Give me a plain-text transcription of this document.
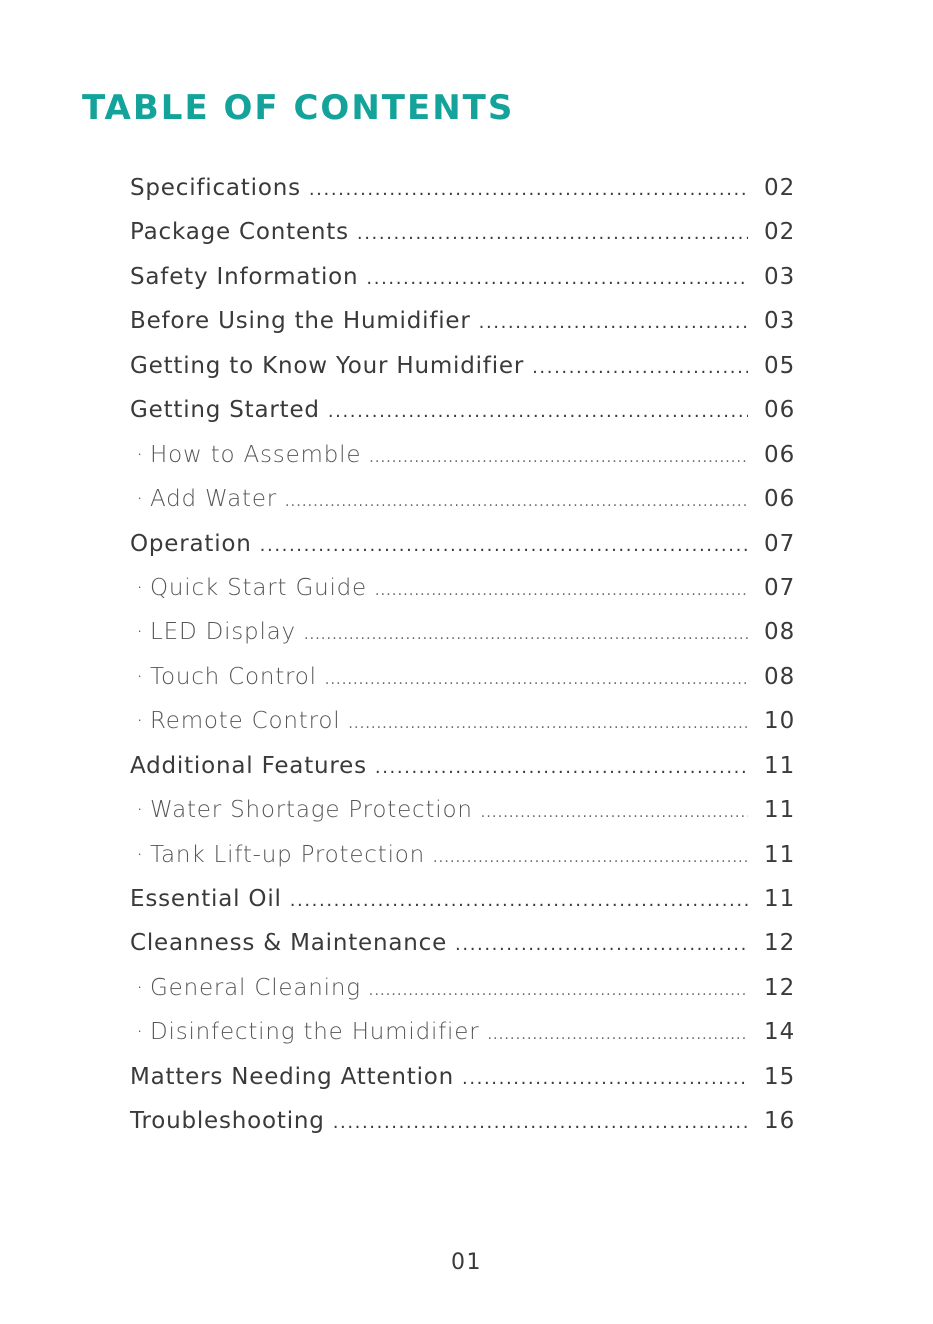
TABLE OF CONTENTS
Specifications .....	02
Package Contents .....	02
Safety Information .....	03
Before Using the Humidifier .....	03
Getting to Know Your Humidifier .....	05
Getting Started .....	06
· How to Assemble .....	06
· Add Water .....	06
Operation .....	07
· Quick Start Guide .....	07
· LED Display .....	08
· Touch Control .....	08
· Remote Control .....	10
Additional Features .....	11
· Water Shortage Protection .....	11
· Tank Lift-up Protection .....	11
Essential Oil .....	11
Cleanness & Maintenance .....	12
· General Cleaning .....	12
· Disinfecting the Humidifier .....	14
Matters Needing Attention .....	15
Troubleshooting .....	16
01
